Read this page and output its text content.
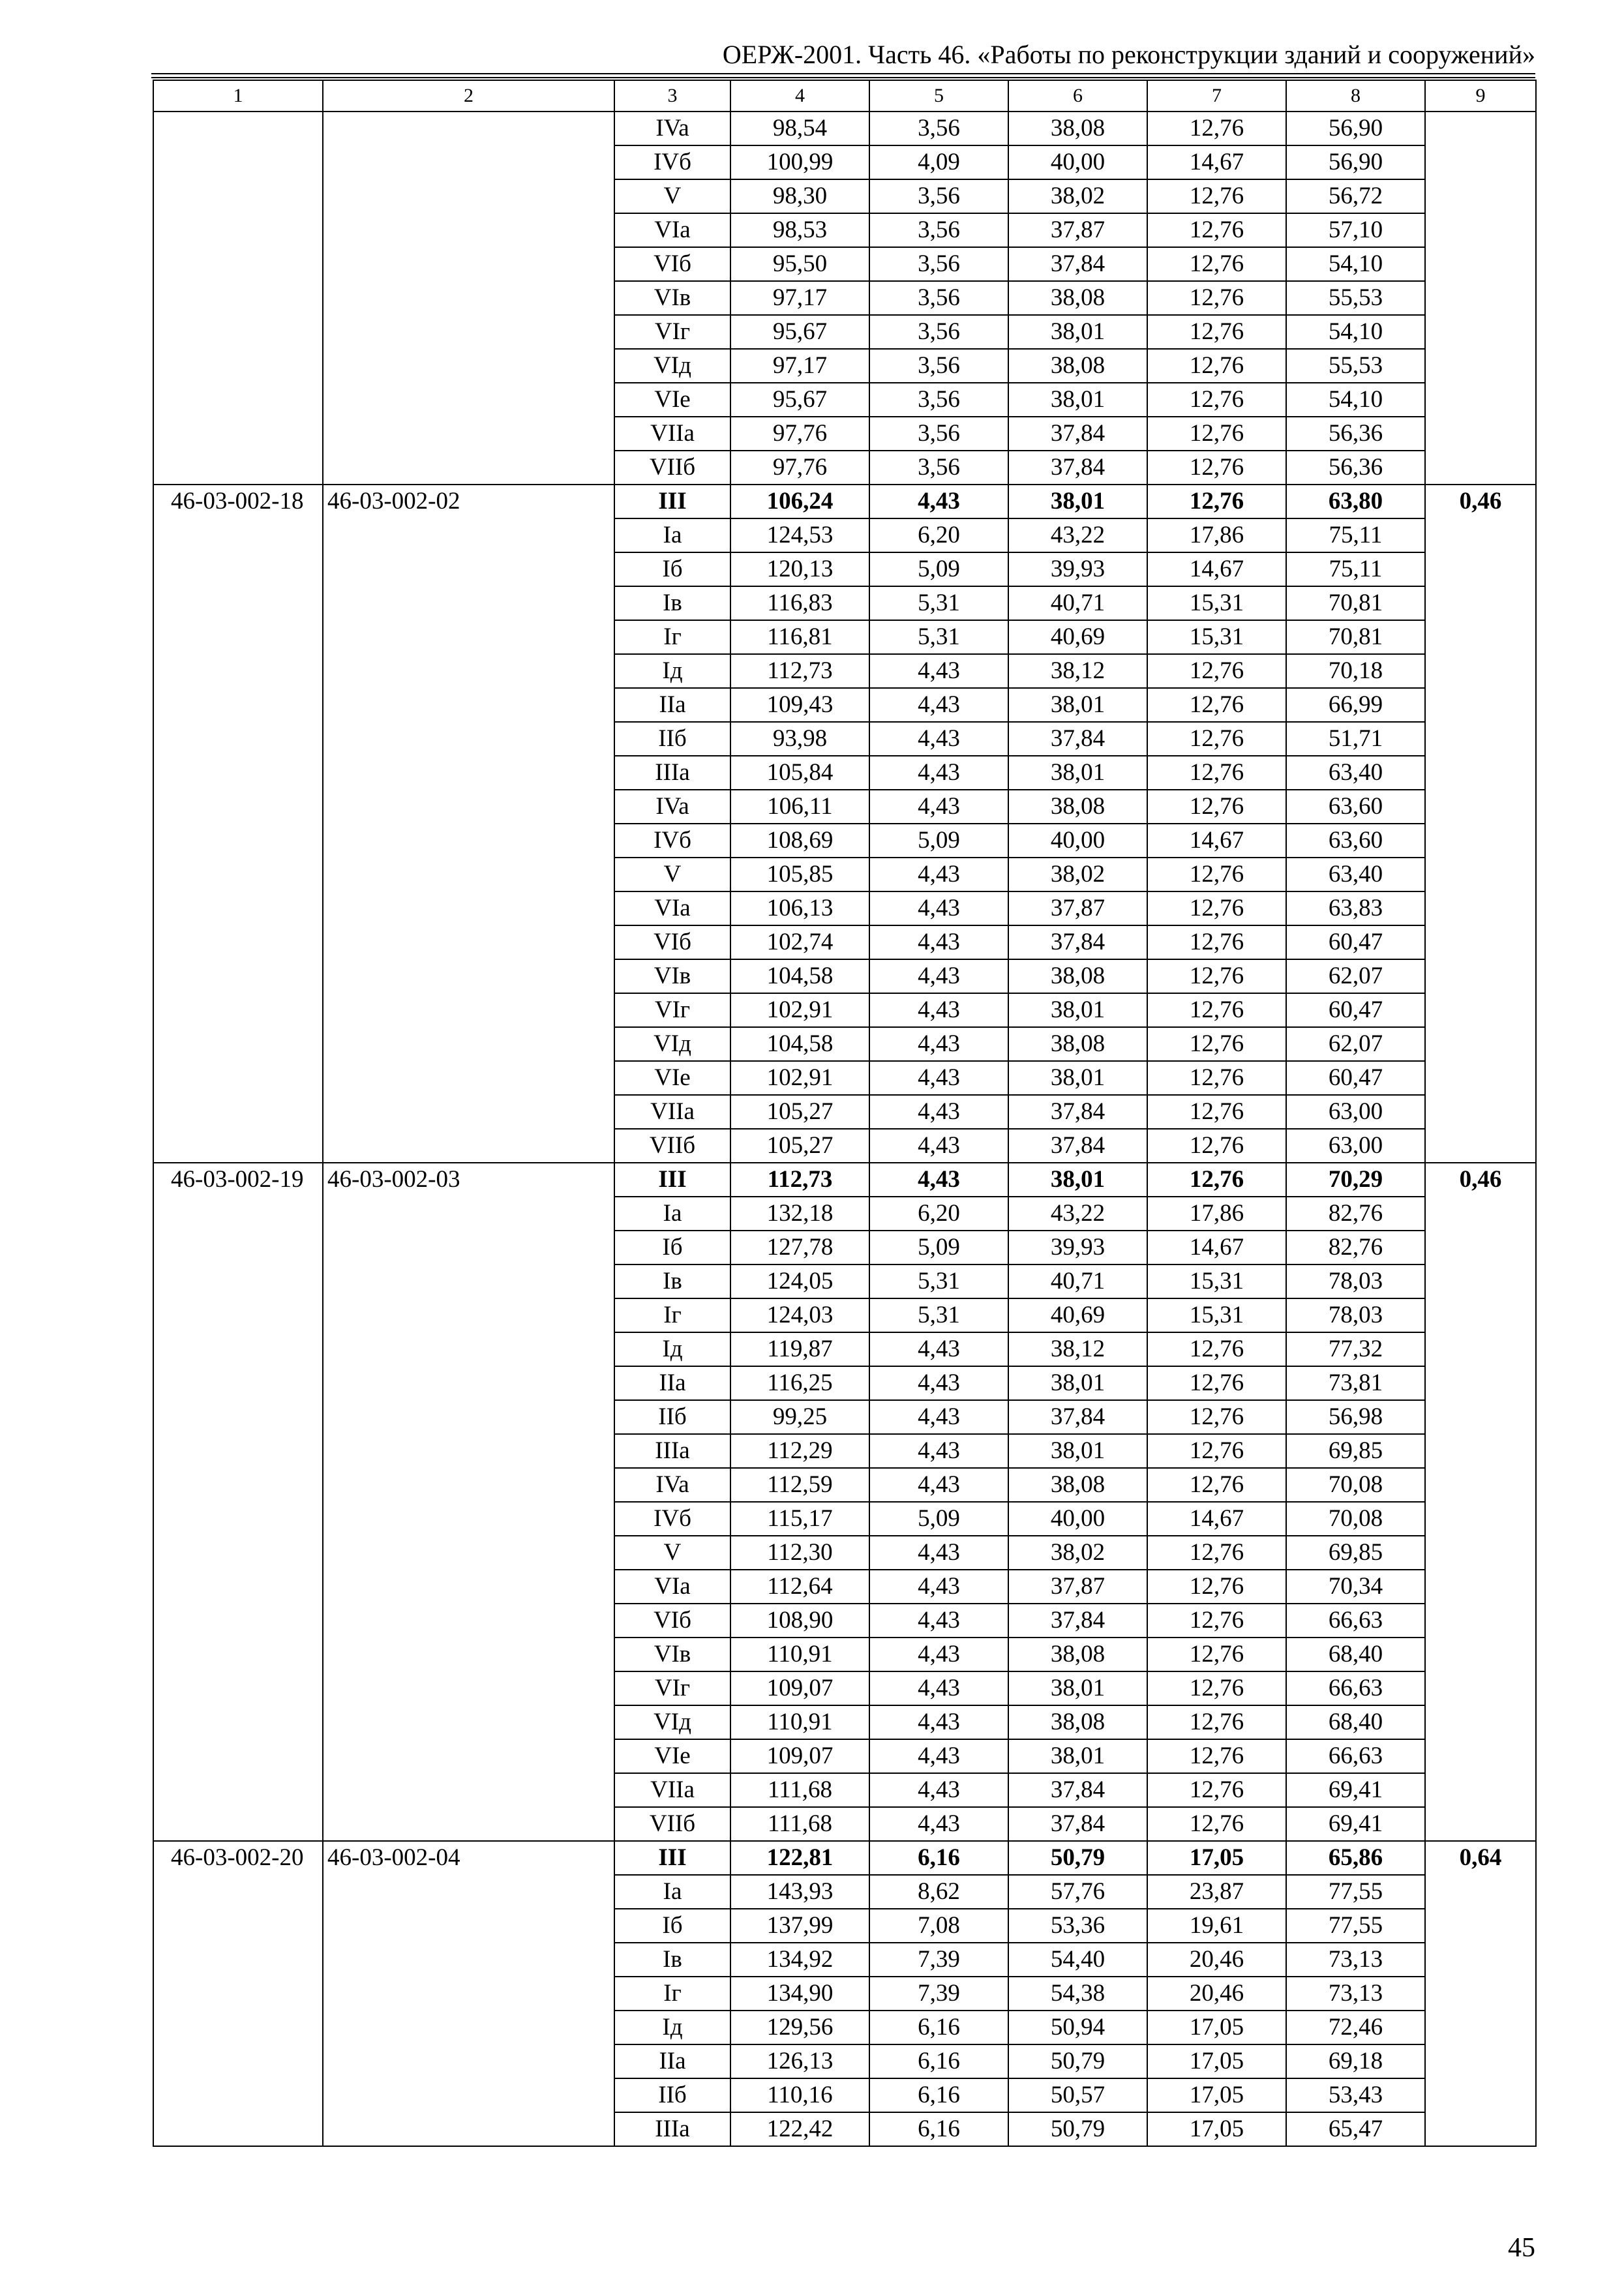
ОЕРЖ-2001. Часть 46. «Работы по реконструкции зданий и сооружений»
1	2	3	4	5	6	7	8	9
		IVa	98,54	3,56	38,08	12,76	56,90	
		IVб	100,99	4,09	40,00	14,67	56,90	
		V	98,30	3,56	38,02	12,76	56,72	
		VIa	98,53	3,56	37,87	12,76	57,10	
		VIб	95,50	3,56	37,84	12,76	54,10	
		VIв	97,17	3,56	38,08	12,76	55,53	
		VIг	95,67	3,56	38,01	12,76	54,10	
		VIд	97,17	3,56	38,08	12,76	55,53	
		VIe	95,67	3,56	38,01	12,76	54,10	
		VIIa	97,76	3,56	37,84	12,76	56,36	
		VIIб	97,76	3,56	37,84	12,76	56,36	
46-03-002-18	46-03-002-02	III	106,24	4,43	38,01	12,76	63,80	0,46
		Ia	124,53	6,20	43,22	17,86	75,11	
		Iб	120,13	5,09	39,93	14,67	75,11	
		Iв	116,83	5,31	40,71	15,31	70,81	
		Iг	116,81	5,31	40,69	15,31	70,81	
		Iд	112,73	4,43	38,12	12,76	70,18	
		IIa	109,43	4,43	38,01	12,76	66,99	
		IIб	93,98	4,43	37,84	12,76	51,71	
		IIIa	105,84	4,43	38,01	12,76	63,40	
		IVa	106,11	4,43	38,08	12,76	63,60	
		IVб	108,69	5,09	40,00	14,67	63,60	
		V	105,85	4,43	38,02	12,76	63,40	
		VIa	106,13	4,43	37,87	12,76	63,83	
		VIб	102,74	4,43	37,84	12,76	60,47	
		VIв	104,58	4,43	38,08	12,76	62,07	
		VIг	102,91	4,43	38,01	12,76	60,47	
		VIд	104,58	4,43	38,08	12,76	62,07	
		VIe	102,91	4,43	38,01	12,76	60,47	
		VIIa	105,27	4,43	37,84	12,76	63,00	
		VIIб	105,27	4,43	37,84	12,76	63,00	
46-03-002-19	46-03-002-03	III	112,73	4,43	38,01	12,76	70,29	0,46
		Ia	132,18	6,20	43,22	17,86	82,76	
		Iб	127,78	5,09	39,93	14,67	82,76	
		Iв	124,05	5,31	40,71	15,31	78,03	
		Iг	124,03	5,31	40,69	15,31	78,03	
		Iд	119,87	4,43	38,12	12,76	77,32	
		IIa	116,25	4,43	38,01	12,76	73,81	
		IIб	99,25	4,43	37,84	12,76	56,98	
		IIIa	112,29	4,43	38,01	12,76	69,85	
		IVa	112,59	4,43	38,08	12,76	70,08	
		IVб	115,17	5,09	40,00	14,67	70,08	
		V	112,30	4,43	38,02	12,76	69,85	
		VIa	112,64	4,43	37,87	12,76	70,34	
		VIб	108,90	4,43	37,84	12,76	66,63	
		VIв	110,91	4,43	38,08	12,76	68,40	
		VIг	109,07	4,43	38,01	12,76	66,63	
		VIд	110,91	4,43	38,08	12,76	68,40	
		VIe	109,07	4,43	38,01	12,76	66,63	
		VIIa	111,68	4,43	37,84	12,76	69,41	
		VIIб	111,68	4,43	37,84	12,76	69,41	
46-03-002-20	46-03-002-04	III	122,81	6,16	50,79	17,05	65,86	0,64
		Ia	143,93	8,62	57,76	23,87	77,55	
		Iб	137,99	7,08	53,36	19,61	77,55	
		Iв	134,92	7,39	54,40	20,46	73,13	
		Iг	134,90	7,39	54,38	20,46	73,13	
		Iд	129,56	6,16	50,94	17,05	72,46	
		IIa	126,13	6,16	50,79	17,05	69,18	
		IIб	110,16	6,16	50,57	17,05	53,43	
		IIIa	122,42	6,16	50,79	17,05	65,47	
45
